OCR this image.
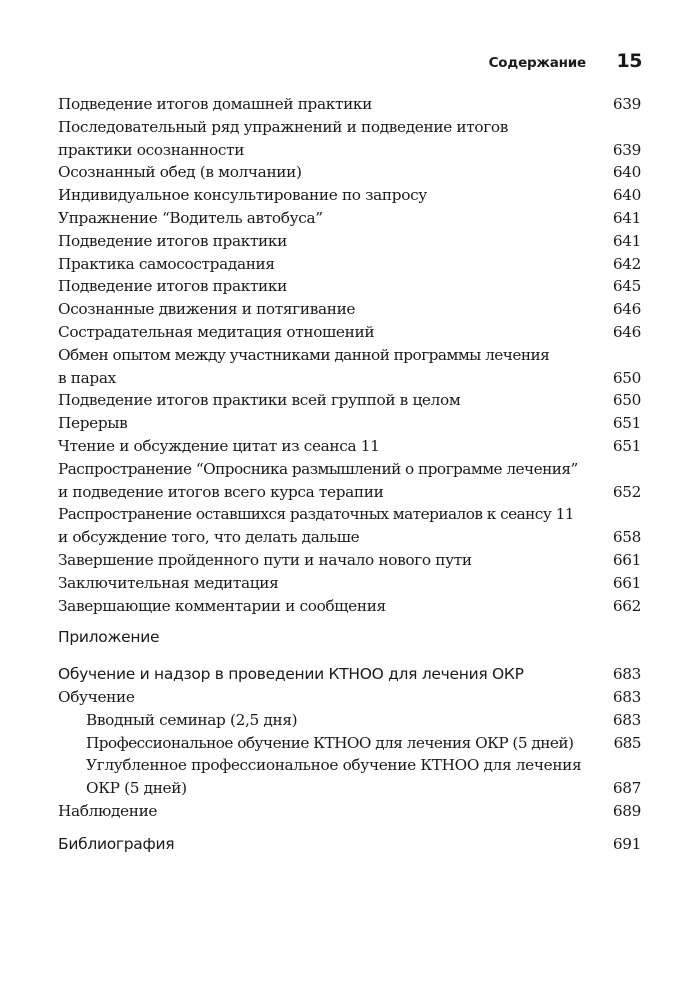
Содержание 15
Подведение итогов домашней практики	639
Последовательный ряд упражнений и подведение итогов
практики осознанности	639
Осознанный обед (в молчании)	640
Индивидуальное консультирование по запросу	640
Упражнение “Водитель автобуса”	641
Подведение итогов практики	641
Практика самосострадания	642
Подведение итогов практики	645
Осознанные движения и потягивание	646
Сострадательная медитация отношений	646
Обмен опытом между участниками данной программы лечения
в парах	650
Подведение итогов практики всей группой в целом	650
Перерыв	651
Чтение и обсуждение цитат из сеанса 11	651
Распространение “Опросника размышлений о программе лечения”
и подведение итогов всего курса терапии	652
Распространение оставшихся раздаточных материалов к сеансу 11
и обсуждение того, что делать дальше	658
Завершение пройденного пути и начало нового пути	661
Заключительная медитация	661
Завершающие комментарии и сообщения	662
Приложение
Обучение и надзор в проведении КТНОО для лечения ОКР	683
Обучение	683
Вводный семинар (2,5 дня)	683
Профессиональное обучение КТНОО для лечения ОКР (5 дней)	685
Углубленное профессиональное обучение КТНОО для лечения
ОКР (5 дней)	687
Наблюдение	689
Библиография	691
